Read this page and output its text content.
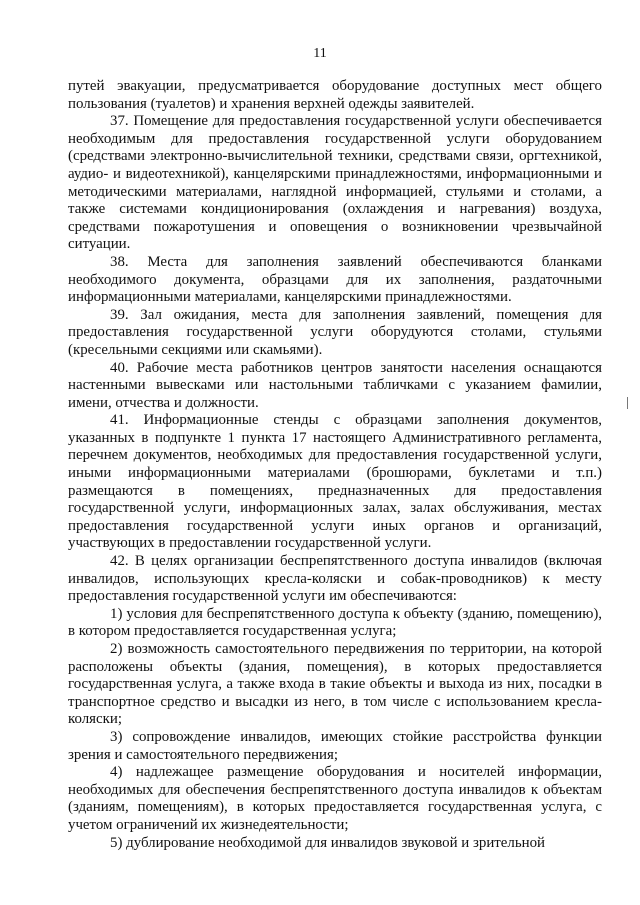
11

путей эвакуации, предусматривается оборудование доступных мест общего пользования (туалетов) и хранения верхней одежды заявителей.

37. Помещение для предоставления государственной услуги обеспечивается необходимым для предоставления государственной услуги оборудованием (средствами электронно-вычислительной техники, средствами связи, оргтехникой, аудио- и видеотехникой), канцелярскими принадлежностями, информационными и методическими материалами, наглядной информацией, стульями и столами, а также системами кондиционирования (охлаждения и нагревания) воздуха, средствами пожаротушения и оповещения о возникновении чрезвычайной ситуации.

38. Места для заполнения заявлений обеспечиваются бланками необходимого документа, образцами для их заполнения, раздаточными информационными материалами, канцелярскими принадлежностями.

39. Зал ожидания, места для заполнения заявлений, помещения для предоставления государственной услуги оборудуются столами, стульями (кресельными секциями или скамьями).

40. Рабочие места работников центров занятости населения оснащаются настенными вывесками или настольными табличками с указанием фамилии, имени, отчества и должности.

41. Информационные стенды с образцами заполнения документов, указанных в подпункте 1 пункта 17 настоящего Административного регламента, перечнем документов, необходимых для предоставления государственной услуги, иными информационными материалами (брошюрами, буклетами и т.п.) размещаются в помещениях, предназначенных для предоставления государственной услуги, информационных залах, залах обслуживания, местах предоставления государственной услуги иных органов и организаций, участвующих в предоставлении государственной услуги.

42. В целях организации беспрепятственного доступа инвалидов (включая инвалидов, использующих кресла-коляски и собак-проводников) к месту предоставления государственной услуги им обеспечиваются:

1) условия для беспрепятственного доступа к объекту (зданию, помещению), в котором предоставляется государственная услуга;

2) возможность самостоятельного передвижения по территории, на которой расположены объекты (здания, помещения), в которых предоставляется государственная услуга, а также входа в такие объекты и выхода из них, посадки в транспортное средство и высадки из него, в том числе с использованием кресла-коляски;

3) сопровождение инвалидов, имеющих стойкие расстройства функции зрения и самостоятельного передвижения;

4) надлежащее размещение оборудования и носителей информации, необходимых для обеспечения беспрепятственного доступа инвалидов к объектам (зданиям, помещениям), в которых предоставляется государственная услуга, с учетом ограничений их жизнедеятельности;

5) дублирование необходимой для инвалидов звуковой и зрительной
